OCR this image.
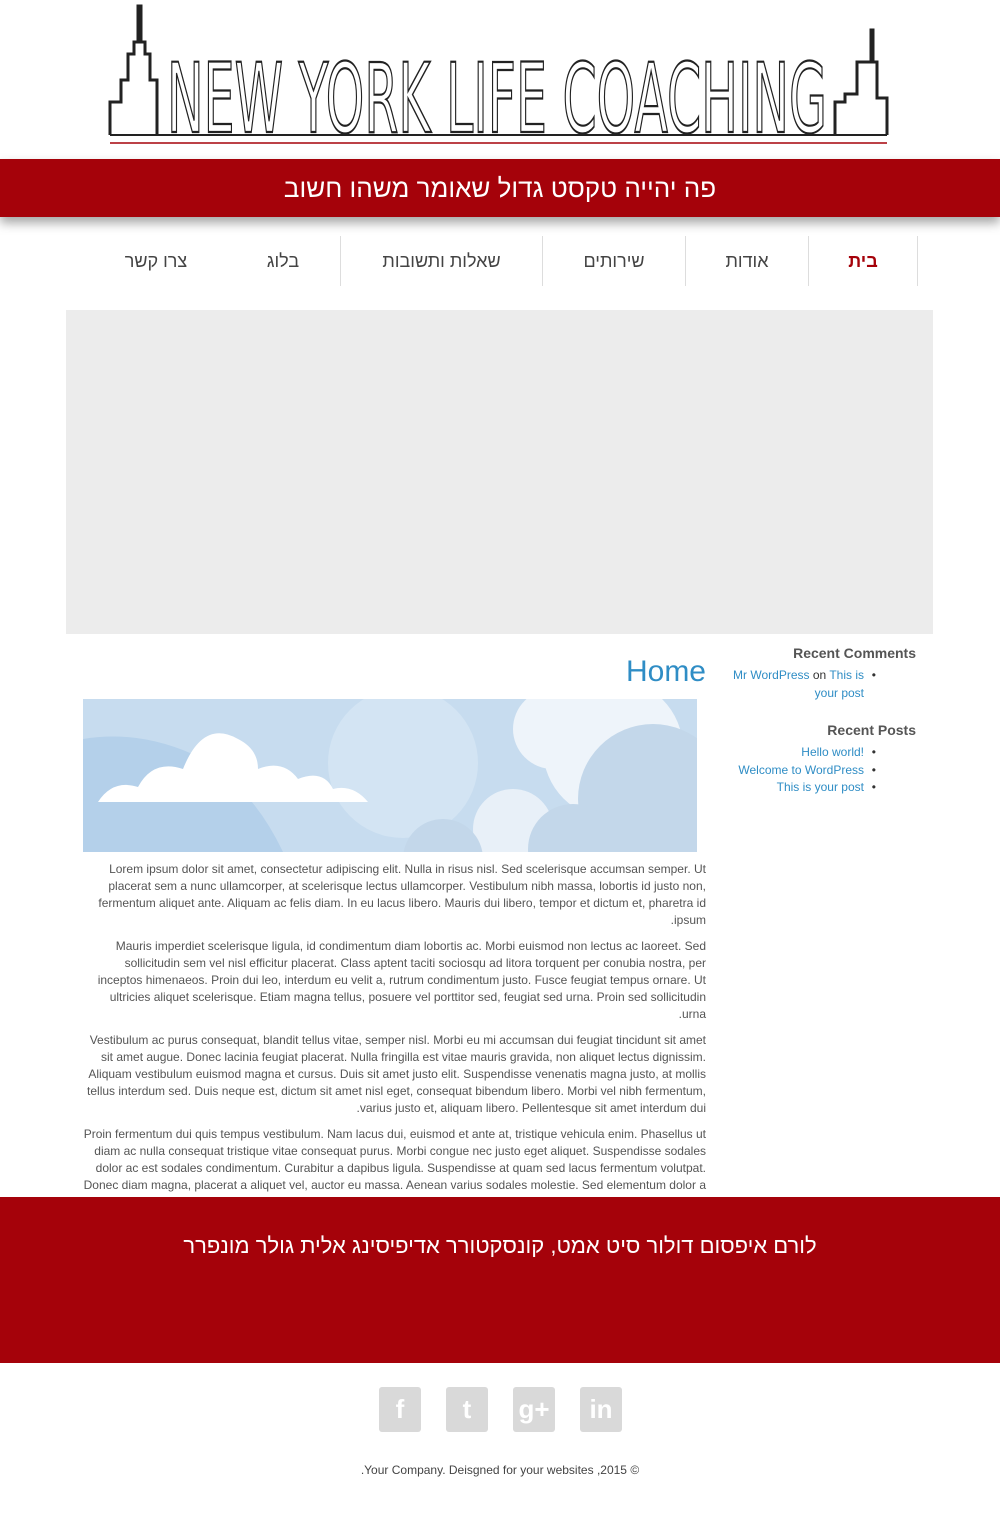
NEW YORK LIFE COACHING
פה יהייה טקסט גדול שאומר משהו חשוב
בית
אודות
שירותים
שאלות ותשובות
בלוג
צרו קשר
Recent Comments
• Mr WordPress on This is
your post
Recent Posts
• !Hello world
• Welcome to WordPress
• This is your post
Home

Lorem ipsum dolor sit amet, consectetur adipiscing elit. Nulla in risus nisl. Sed scelerisque accumsan semper. Ut placerat sem a nunc ullamcorper, at scelerisque lectus ullamcorper. Vestibulum nibh massa, lobortis id justo non, fermentum aliquet ante. Aliquam ac felis diam. In eu lacus libero. Mauris dui libero, tempor et dictum et, pharetra id ipsum.

Mauris imperdiet scelerisque ligula, id condimentum diam lobortis ac. Morbi euismod non lectus ac laoreet. Sed sollicitudin sem vel nisl efficitur placerat. Class aptent taciti sociosqu ad litora torquent per conubia nostra, per inceptos himenaeos. Proin dui leo, interdum eu velit a, rutrum condimentum justo. Fusce feugiat tempus ornare. Ut ultricies aliquet scelerisque. Etiam magna tellus, posuere vel porttitor sed, feugiat sed urna. Proin sed sollicitudin urna.

Vestibulum ac purus consequat, blandit tellus vitae, semper nisl. Morbi eu mi accumsan dui feugiat tincidunt sit amet sit amet augue. Donec lacinia feugiat placerat. Nulla fringilla est vitae mauris gravida, non aliquet lectus dignissim. Aliquam vestibulum euismod magna et cursus. Duis sit amet justo elit. Suspendisse venenatis magna justo, at mollis tellus interdum sed. Duis neque est, dictum sit amet nisl eget, consequat bibendum libero. Morbi vel nibh fermentum, varius justo et, aliquam libero. Pellentesque sit amet interdum dui.

Proin fermentum dui quis tempus vestibulum. Nam lacus dui, euismod et ante at, tristique vehicula enim. Phasellus ut diam ac nulla consequat tristique vitae consequat purus. Morbi congue nec justo eget aliquet. Suspendisse sodales dolor ac est sodales condimentum. Curabitur a dapibus ligula. Suspendisse at quam sed lacus fermentum volutpat. Donec diam magna, placerat a aliquet vel, auctor eu massa. Aenean varius sodales molestie. Sed elementum dolor a

לורם איפסום דולור סיט אמט, קונסקטורר אדיפיסינג אלית גולר מונפרר
f t g+ in
© 2015, Your Company. Deisgned for your websites.
